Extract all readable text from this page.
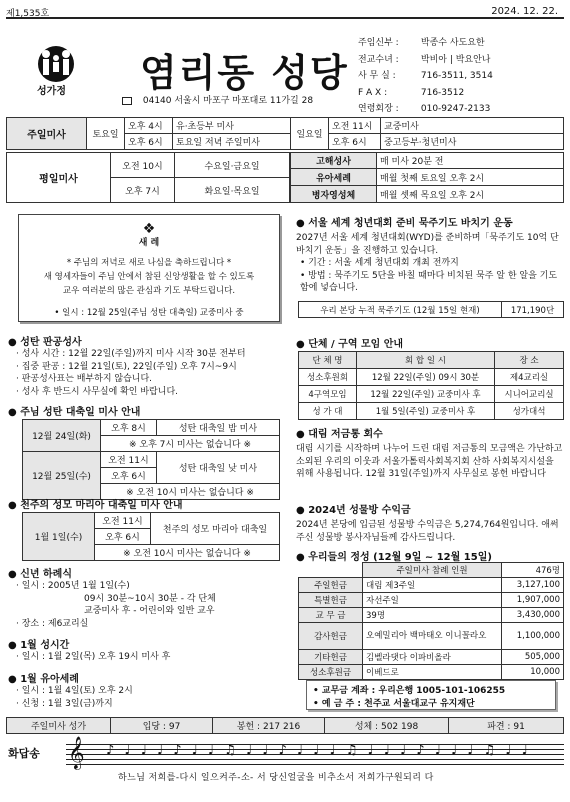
제1,535호	2024. 12. 22.
성가정 염리동 성당
04140 서울시 마포구 마포대로 11가길 28
주임신부 : 박종수 사도요한
전교수녀 : 박비아 | 박요안나
사 무 실 :	716-3511, 3514
F A X :	716-3512
연령회장 : 010-9247-2133
주일미사	토요일	오후 4시	유·초등부 미사	일요일	오전 11시	교중미사
		오후 6시	토요일 저녁 주일미사		오후 6시	중고등부·청년미사
평일미사	오전 10시	수요일·금요일
	오후 7시	화요일·목요일
고해성사	매 미사 20분 전
유아세례	매월 첫째 토요일 오후 2시
병자영성체	매월 셋째 목요일 오후 2시
❖
새 레
* 주님의 저녁로 새로 나심을 축하드립니다 *
새 영세자들이 주님 안에서 참된 신앙생활을 할 수 있도록
교우 여러분의 많은 관심과 기도 부탁드립니다.
• 일시 : 12월 25일(주님 성탄 대축일) 교중미사 중
● 성탄 판공성사
· 성사 시간 : 12월 22일(주일)까지 미사 시작 30분 전부터
· 집중 판공 : 12월 21일(토), 22일(주일) 오후 7시~9시
· 판공성사표는 배부하지 않습니다.
· 성사 후 반드시 사무실에 확인 바랍니다.
● 주님 성탄 대축일 미사 안내
12월 24일(화)	오후 8시	성탄 대축일 밤 미사
	※ 오후 7시 미사는 없습니다 ※	
12월 25일(수)	오전 11시	성탄 대축일 낮 미사
	오후 6시	
	※ 오전 10시 미사는 없습니다 ※	
● 천주의 성모 마리아 대축일 미사 안내
1월 1일(수)	오전 11시	천주의 성모 마리아 대축일
오후 6시
※ 오전 10시 미사는 없습니다 ※
● 신년 하례식
· 일시 : 2005년 1월 1일(수)
09시 30분~10시 30분 - 각 단체
교중미사 후 - 어린이와 일반 교우
· 장소 : 제6교리실
● 1월 성시간
· 일시 : 1월 2일(목) 오후 19시 미사 후
● 1월 유아세례
· 일시 : 1월 4일(토) 오후 2시
· 신청 : 1월 3일(금)까지
● 서울 세계 청년대회 준비 묵주기도 바치기 운동
2027년 서울 세계 청년대회(WYD)를 준비하며「묵주기도 10억 단 바치기 운동」을 진행하고 있습니다.
• 기간 : 서울 세계 청년대회 개최 전까지
• 방법 : 묵주기도 5단을 바칠 때마다 비치된 묵주 알 한 알을 기도함에 넣습니다.
우리 본당 누적 묵주기도 (12월 15일 현재)	171,190단
● 단체 / 구역 모임 안내
단 체 명	회 합 일 시	장 소
성소후원회	12월 22일(주일) 09시 30분	제4교리실
4구역모임	12월 22일(주일) 교중미사 후	시니어교리실
성 가 대	1월 5일(주일) 교중미사 후	성가대석
● 대림 저금통 회수
대림 시기를 시작하며 나누어 드린 대림 저금통의 모금액은 가난하고 소외된 우리의 이웃과 서울가톨릭사회복지회 산하 사회복지시설을 위해 사용됩니다. 12월 31일(주일)까지 사무실로 봉헌 바랍니다
● 2024년 성물방 수익금
2024년 본당에 입금된 성물방 수익금은 5,274,764원입니다. 애써주신 성물방 봉사자님들께 감사드립니다.
● 우리들의 정성 (12월 9일 ~ 12월 15일)
	주일미사 참례 인원	476명
주일헌금	대림 제3주일	3,127,100
특별헌금	자선주일	1,907,000
교 무 금	39명	3,430,000
감사헌금	오예밀리아 백마태오 이니꼴라오	1,100,000
기타헌금	김벨라댓다 이파비올라	505,000
성소후원금	이베드로	10,000
• 교무금 계좌 : 우리은행 1005-101-106255
• 예 금 주 : 천주교 서울대교구 유지재단
주일미사 성가	입당 : 97	봉헌 : 217 216	성체 : 502 198	파견 : 91
화답송 𝄞 ♪ ♩ ♩ ♩ ♪ ♩ ♩ ♫ ♩ ♩ ♪ ♩ ♩ ♩ ♫ ♩ ♩ ♩ ♪ ♩ ♩ ♩ ♫ ♩ ♩
하느님 저희를-다시 일으켜주-소- 서 당신얼굴을 비추소서 저희가구원되리 다
